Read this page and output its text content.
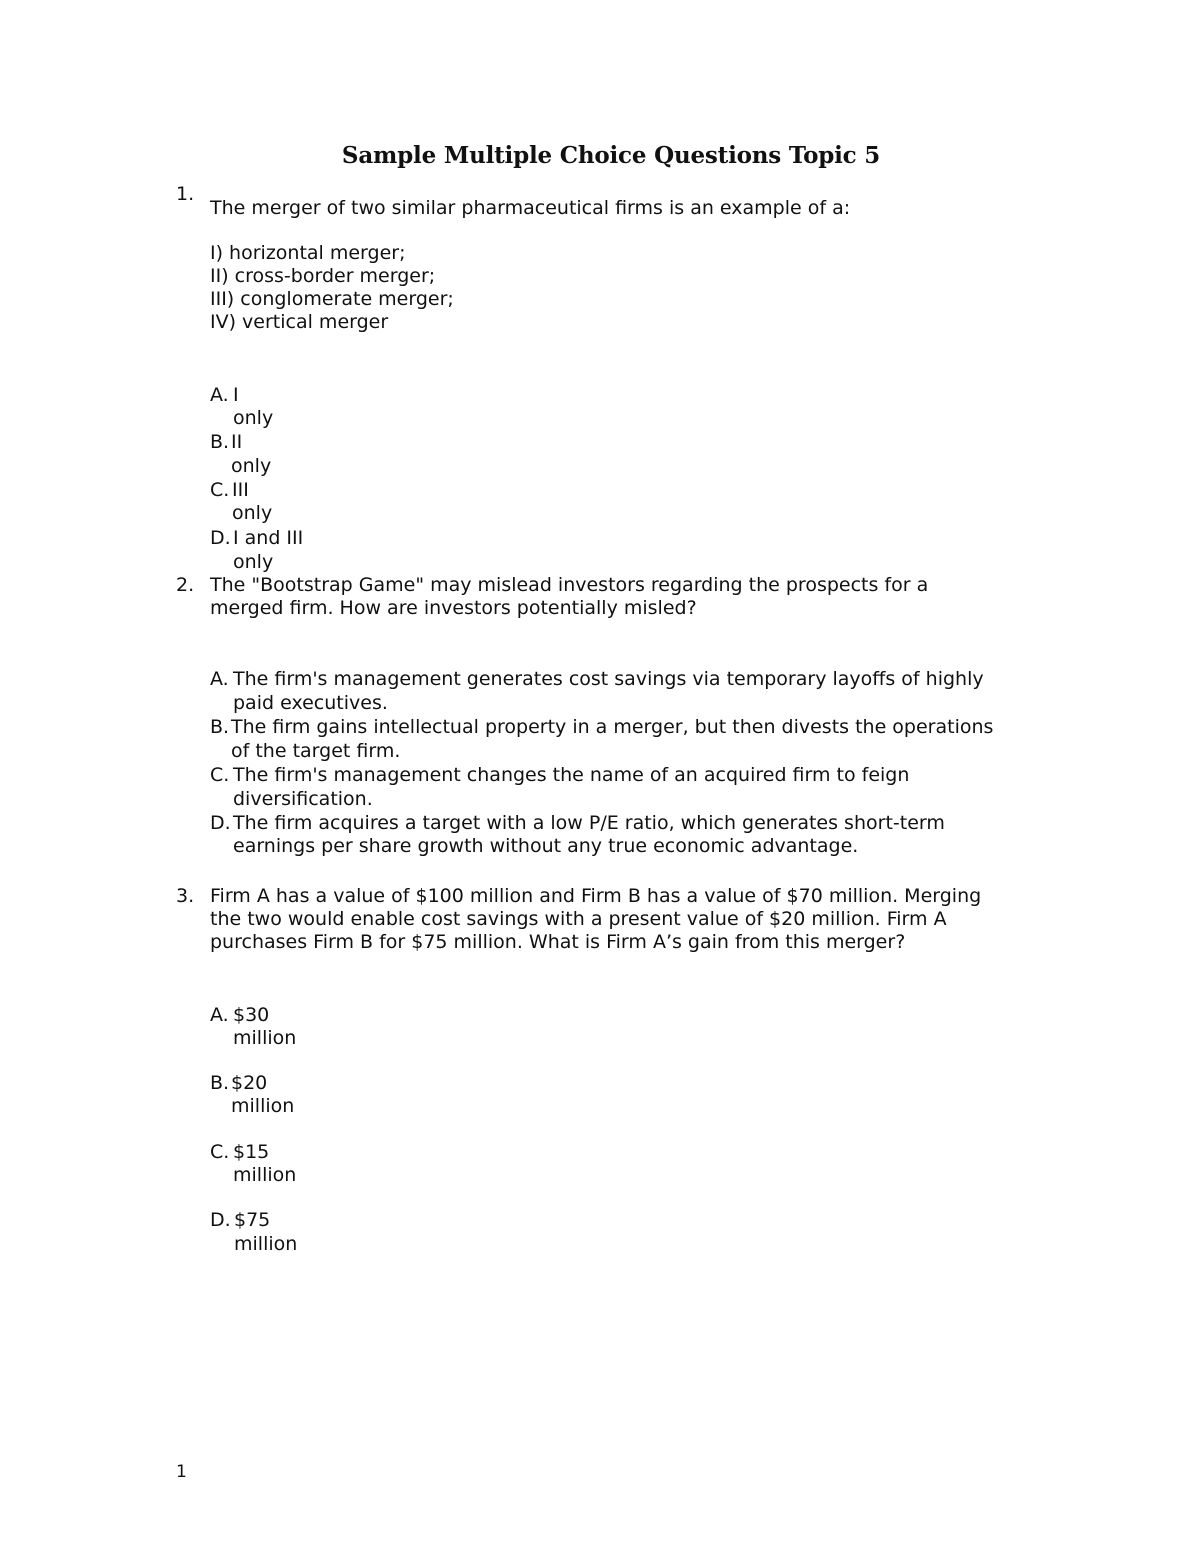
Sample Multiple Choice Questions Topic 5
1.
The merger of two similar pharmaceutical firms is an example of a:
I) horizontal merger;
II) cross-border merger;
III) conglomerate merger;
IV) vertical merger
A. I
only
B. II
only
C. III
only
D. I and III
only
2. The "Bootstrap Game" may mislead investors regarding the prospects for a
merged firm. How are investors potentially misled?
A. The firm's management generates cost savings via temporary layoffs of highly
paid executives.
B. The firm gains intellectual property in a merger, but then divests the operations
of the target firm.
C. The firm's management changes the name of an acquired firm to feign
diversification.
D. The firm acquires a target with a low P/E ratio, which generates short-term
earnings per share growth without any true economic advantage.
3. Firm A has a value of $100 million and Firm B has a value of $70 million. Merging
the two would enable cost savings with a present value of $20 million. Firm A
purchases Firm B for $75 million. What is Firm A’s gain from this merger?
A. $30
million
B. $20
million
C. $15
million
D. $75
million
1
